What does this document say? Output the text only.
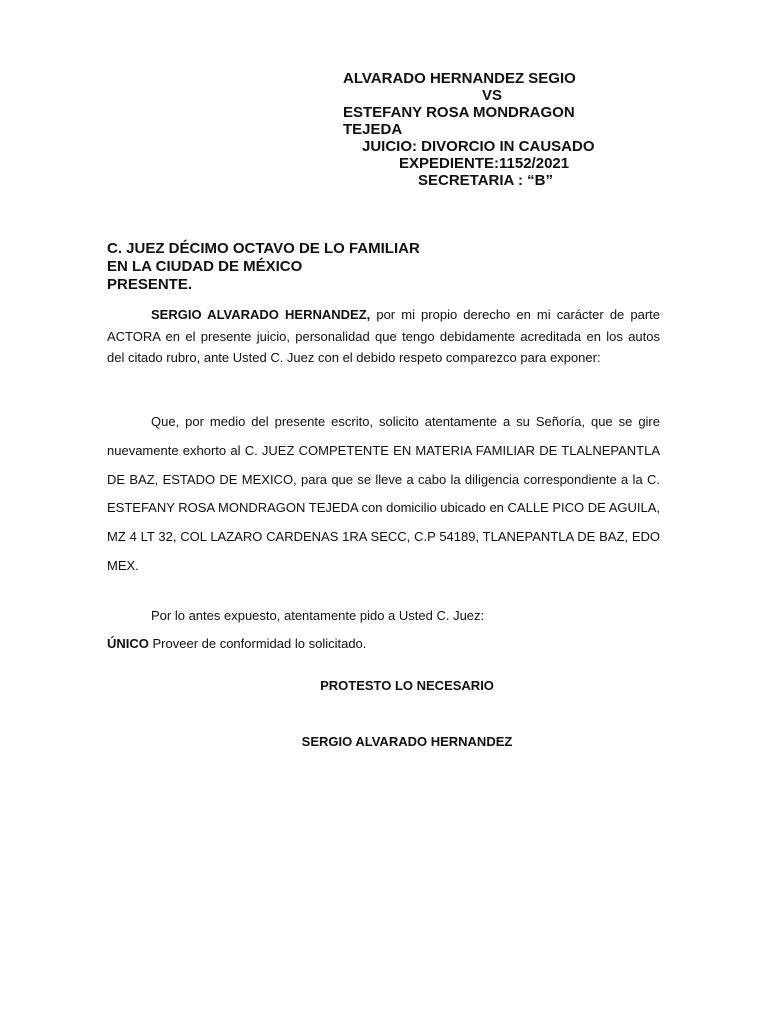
ALVARADO HERNANDEZ SEGIO
VS
ESTEFANY ROSA MONDRAGON
TEJEDA
JUICIO: DIVORCIO IN CAUSADO
EXPEDIENTE:1152/2021
SECRETARIA : “B”
C. JUEZ DÉCIMO OCTAVO DE LO FAMILIAR
EN LA CIUDAD DE MÉXICO
PRESENTE.
SERGIO ALVARADO HERNANDEZ, por mi propio derecho en mi carácter de parte ACTORA en el presente juicio, personalidad que tengo debidamente acreditada en los autos del citado rubro, ante Usted C. Juez con el debido respeto comparezco para exponer:
Que, por medio del presente escrito, solicito atentamente a su Señoría, que se gire nuevamente exhorto al C. JUEZ COMPETENTE EN MATERIA FAMILIAR DE TLALNEPANTLA DE BAZ, ESTADO DE MEXICO, para que se lleve a cabo la diligencia correspondiente a la C. ESTEFANY ROSA MONDRAGON TEJEDA con domicilio ubicado en CALLE PICO DE AGUILA, MZ 4 LT 32, COL LAZARO CARDENAS 1RA SECC, C.P 54189, TLANEPANTLA DE BAZ, EDO MEX.
Por lo antes expuesto, atentamente pido a Usted C. Juez:
ÚNICO Proveer de conformidad lo solicitado.
PROTESTO LO NECESARIO
SERGIO ALVARADO HERNANDEZ
